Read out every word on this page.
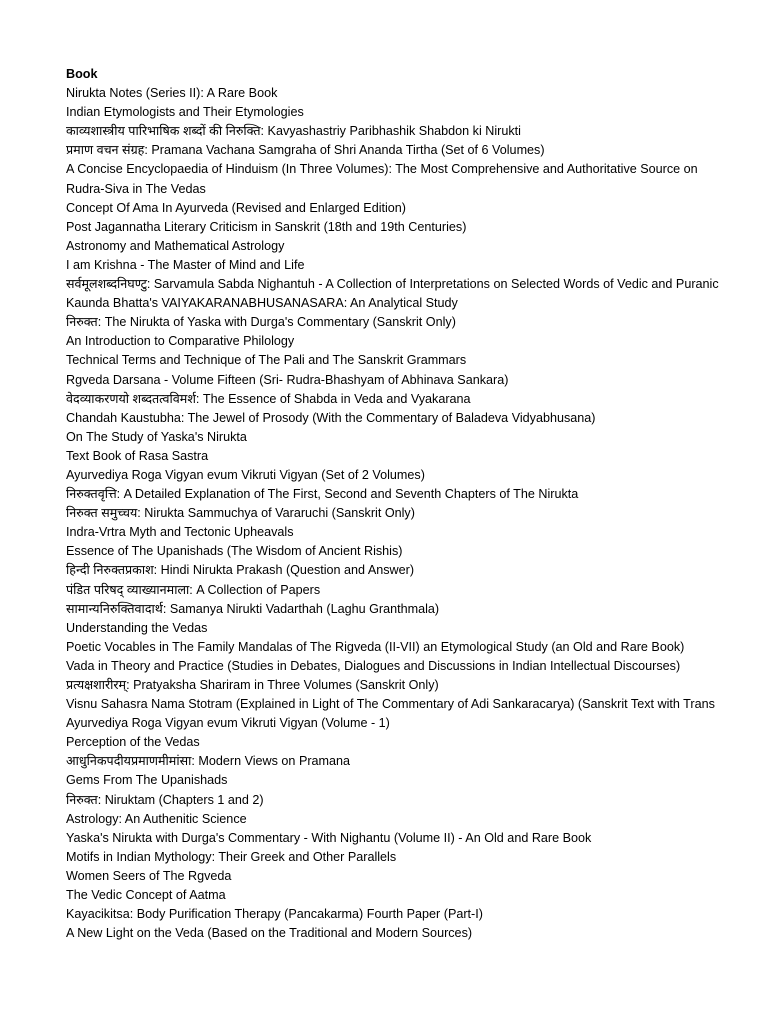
Book
Nirukta Notes (Series II): A Rare Book
Indian Etymologists and Their Etymologies
काव्यशास्त्रीय पारिभाषिक शब्दों की निरुक्ति: Kavyashastriy Paribhashik Shabdon ki Nirukti
प्रमाण वचन संग्रह: Pramana Vachana Samgraha of Shri Ananda Tirtha (Set of 6 Volumes)
A Concise Encyclopaedia of Hinduism (In Three Volumes): The Most Comprehensive and Authoritative Source on
Rudra-Siva in The Vedas
Concept Of Ama In Ayurveda (Revised and Enlarged Edition)
Post Jagannatha Literary Criticism in Sanskrit (18th and 19th Centuries)
Astronomy and Mathematical Astrology
I am Krishna - The Master of Mind and Life
सर्वमूलशब्दनिघण्टु: Sarvamula Sabda Nighantuh - A Collection of Interpretations on Selected Words of Vedic and Puranic
Kaunda Bhatta's VAIYAKARANABHUSANASARA: An Analytical Study
निरुक्त: The Nirukta of Yaska with Durga's Commentary (Sanskrit Only)
An Introduction to Comparative Philology
Technical Terms and Technique of The Pali and The Sanskrit Grammars
Rgveda Darsana - Volume Fifteen (Sri- Rudra-Bhashyam of Abhinava Sankara)
वेदव्याकरणयो शब्दतत्वविमर्श: The Essence of Shabda in Veda and Vyakarana
Chandah Kaustubha: The Jewel of Prosody (With the Commentary of Baladeva Vidyabhusana)
On The Study of Yaska's Nirukta
Text Book of Rasa Sastra
Ayurvediya Roga Vigyan evum Vikruti Vigyan (Set of 2 Volumes)
निरुक्तवृत्ति: A Detailed Explanation of The First, Second and Seventh Chapters of The Nirukta
निरुक्त समुच्चय: Nirukta Sammuchya of Vararuchi (Sanskrit Only)
Indra-Vrtra Myth and Tectonic Upheavals
Essence of The Upanishads (The Wisdom of Ancient Rishis)
हिन्दी निरुक्तप्रकाश: Hindi Nirukta Prakash (Question and Answer)
पंडित परिषद् व्याख्यानमाला: A Collection of Papers
सामान्यनिरुक्तिवादार्थ: Samanya Nirukti Vadarthah (Laghu Granthmala)
Understanding the Vedas
Poetic Vocables in The Family Mandalas of The Rigveda (II-VII) an Etymological Study (an Old and Rare Book)
Vada in Theory and Practice (Studies in Debates, Dialogues and Discussions in Indian Intellectual Discourses)
प्रत्यक्षशारीरम्: Pratyaksha Shariram in Three Volumes (Sanskrit Only)
Visnu Sahasra Nama Stotram (Explained in Light of The Commentary of Adi Sankaracarya) (Sanskrit Text with Trans
Ayurvediya Roga Vigyan evum Vikruti Vigyan (Volume - 1)
Perception of the Vedas
आधुनिकपदीयप्रमाणमीमांसा: Modern Views on Pramana
Gems From The Upanishads
निरुक्त: Niruktam (Chapters 1 and 2)
Astrology: An Authenitic Science
Yaska's Nirukta with Durga's Commentary - With Nighantu (Volume II) - An Old and Rare Book
Motifs in Indian Mythology: Their Greek and Other Parallels
Women Seers of The Rgveda
The Vedic Concept of Aatma
Kayacikitsa: Body Purification Therapy (Pancakarma) Fourth Paper (Part-I)
A New Light on the Veda (Based on the Traditional and Modern Sources)
